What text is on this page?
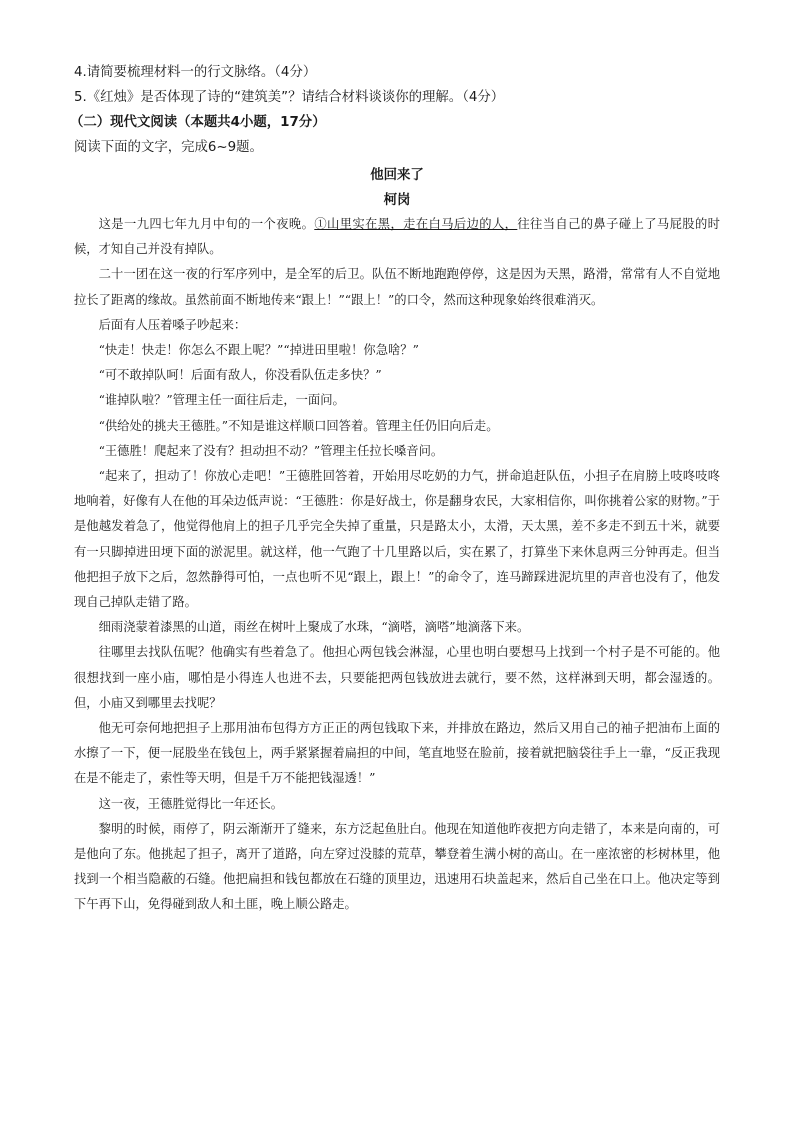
4.请简要梳理材料一的行文脉络。（4分）
5.《红烛》是否体现了诗的“建筑美”？请结合材料谈谈你的理解。（4分）
（二）现代文阅读（本题共4小题，17分）
阅读下面的文字，完成6~9题。
他回来了
柯岗

这是一九四七年九月中旬的一个夜晚。①山里实在黑，走在白马后边的人，往往当自己的鼻子碰上了马屁股的时候，才知自己并没有掉队。

二十一团在这一夜的行军序列中，是全军的后卫。队伍不断地跑跑停停，这是因为天黑，路滑，常常有人不自觉地拉长了距离的缘故。虽然前面不断地传来“跟上！”“跟上！”的口令，然而这种现象始终很难消灭。

后面有人压着嗓子吵起来：

“快走！快走！你怎么不跟上呢？”“掉进田里啦！你急啥？”

“可不敢掉队呵！后面有敌人，你没看队伍走多快？”

“谁掉队啦？”管理主任一面往后走，一面问。

“供给处的挑夫王德胜。”不知是谁这样顺口回答着。管理主任仍旧向后走。

“王德胜！爬起来了没有？担动担不动？”管理主任拉长嗓音问。

“起来了，担动了！你放心走吧！”王德胜回答着，开始用尽吃奶的力气，拼命追赶队伍，小担子在肩膀上吱咚吱咚地响着，好像有人在他的耳朵边低声说：“王德胜：你是好战士，你是翻身农民，大家相信你，叫你挑着公家的财物。”于是他越发着急了，他觉得他肩上的担子几乎完全失掉了重量，只是路太小，太滑，天太黑，差不多走不到五十米，就要有一只脚掉进田埂下面的淤泥里。就这样，他一气跑了十几里路以后，实在累了，打算坐下来休息两三分钟再走。但当他把担子放下之后，忽然静得可怕，一点也听不见“跟上，跟上！”的命令了，连马蹄踩进泥坑里的声音也没有了，他发现自己掉队走错了路。

细雨浇蒙着漆黑的山道，雨丝在树叶上聚成了水珠，“滴嗒，滴嗒”地滴落下来。

往哪里去找队伍呢？他确实有些着急了。他担心两包钱会淋湿，心里也明白要想马上找到一个村子是不可能的。他很想找到一座小庙，哪怕是小得连人也进不去，只要能把两包钱放进去就行，要不然，这样淋到天明，都会湿透的。但，小庙又到哪里去找呢？

他无可奈何地把担子上那用油布包得方方正正的两包钱取下来，并排放在路边，然后又用自己的袖子把油布上面的水擦了一下，便一屁股坐在钱包上，两手紧紧握着扁担的中间，笔直地竖在脸前，接着就把脑袋往手上一靠，“反正我现在是不能走了，索性等天明，但是千万不能把钱湿透！”

这一夜，王德胜觉得比一年还长。

黎明的时候，雨停了，阴云渐渐开了缝来，东方泛起鱼肚白。他现在知道他昨夜把方向走错了，本来是向南的，可是他向了东。他挑起了担子，离开了道路，向左穿过没膝的荒草，攀登着生满小树的高山。在一座浓密的杉树林里，他找到一个相当隐蔽的石缝。他把扁担和钱包都放在石缝的顶里边，迅速用石块盖起来，然后自己坐在口上。他决定等到下午再下山，免得碰到敌人和土匪，晚上顺公路走。
